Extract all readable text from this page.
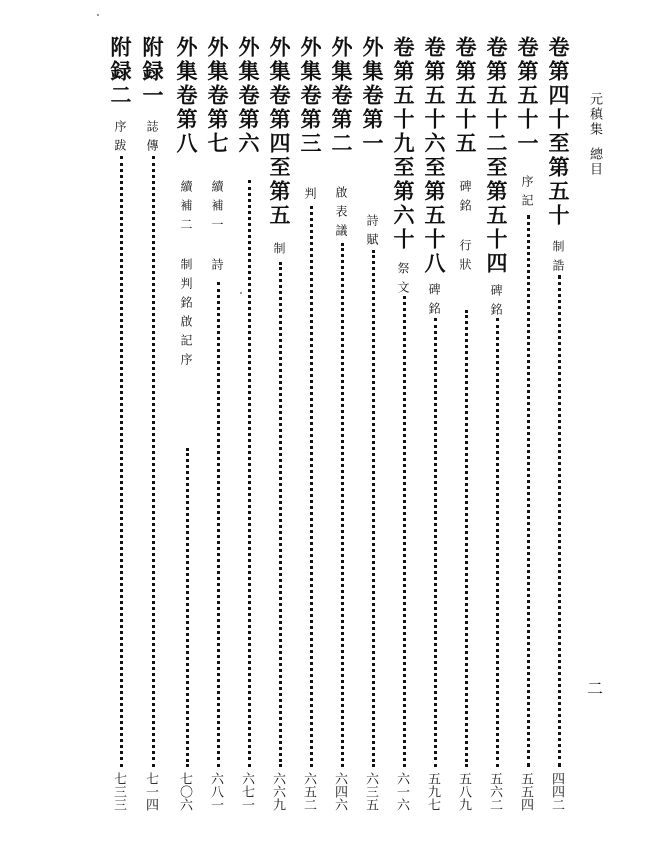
元稹集總目
二
卷第四十至第五十
制誥
四四二
卷第五十一
序記
五五四
卷第五十二至第五十四
碑銘
五六二
卷第五十五
碑銘 行狀
五八九
卷第五十六至第五十八
碑銘
五九七
卷第五十九至第六十
祭文
六一六
外集卷第一
詩賦
六三五
外集卷第二
啟表議
六四六
外集卷第三
判
六五二
外集卷第四至第五
制
六六九
外集卷第六
六七一
外集卷第七
續補一 詩
六八一
外集卷第八
續補二 制判銘啟記序
七〇六
附録一
誌傳
七一四
附録二
序跋
七三三
